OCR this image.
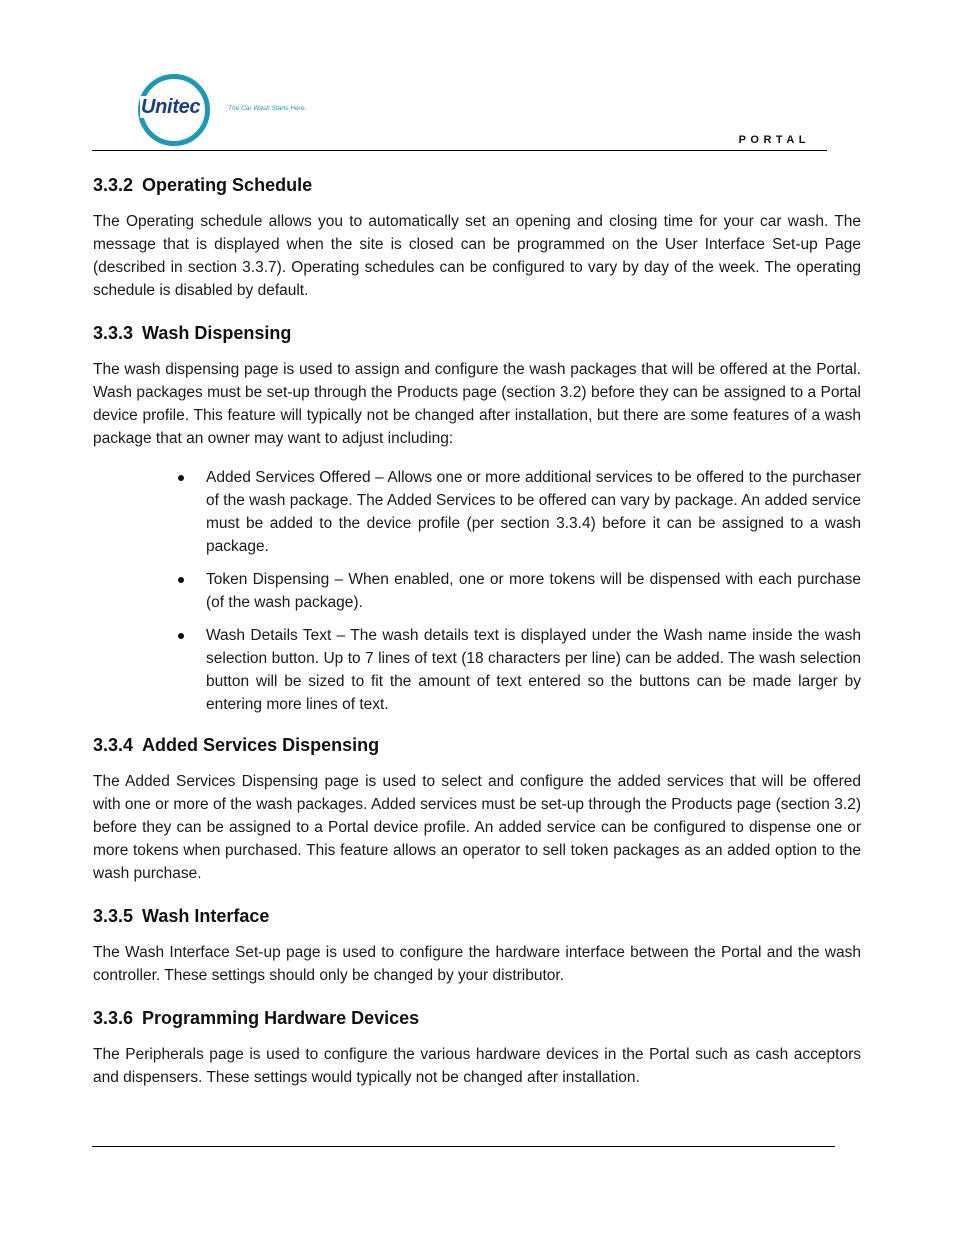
Unitec	The Car Wash Starts Here.
PORTAL
3.3.2 Operating Schedule

The Operating schedule allows you to automatically set an opening and closing time for your car wash. The message that is displayed when the site is closed can be programmed on the User Interface Set-up Page (described in section 3.3.7). Operating schedules can be configured to vary by day of the week. The operating schedule is disabled by default.

3.3.3 Wash Dispensing

The wash dispensing page is used to assign and configure the wash packages that will be offered at the Portal. Wash packages must be set-up through the Products page (section 3.2) before they can be assigned to a Portal device profile. This feature will typically not be changed after installation, but there are some features of a wash package that an owner may want to adjust including:

Added Services Offered – Allows one or more additional services to be offered to the purchaser of the wash package. The Added Services to be offered can vary by package. An added service must be added to the device profile (per section 3.3.4) before it can be assigned to a wash package.
Token Dispensing – When enabled, one or more tokens will be dispensed with each purchase (of the wash package).
Wash Details Text – The wash details text is displayed under the Wash name inside the wash selection button. Up to 7 lines of text (18 characters per line) can be added. The wash selection button will be sized to fit the amount of text entered so the buttons can be made larger by entering more lines of text.
3.3.4 Added Services Dispensing

The Added Services Dispensing page is used to select and configure the added services that will be offered with one or more of the wash packages. Added services must be set-up through the Products page (section 3.2) before they can be assigned to a Portal device profile. An added service can be configured to dispense one or more tokens when purchased. This feature allows an operator to sell token packages as an added option to the wash purchase.

3.3.5 Wash Interface

The Wash Interface Set-up page is used to configure the hardware interface between the Portal and the wash controller. These settings should only be changed by your distributor.

3.3.6 Programming Hardware Devices

The Peripherals page is used to configure the various hardware devices in the Portal such as cash acceptors and dispensers. These settings would typically not be changed after installation.
